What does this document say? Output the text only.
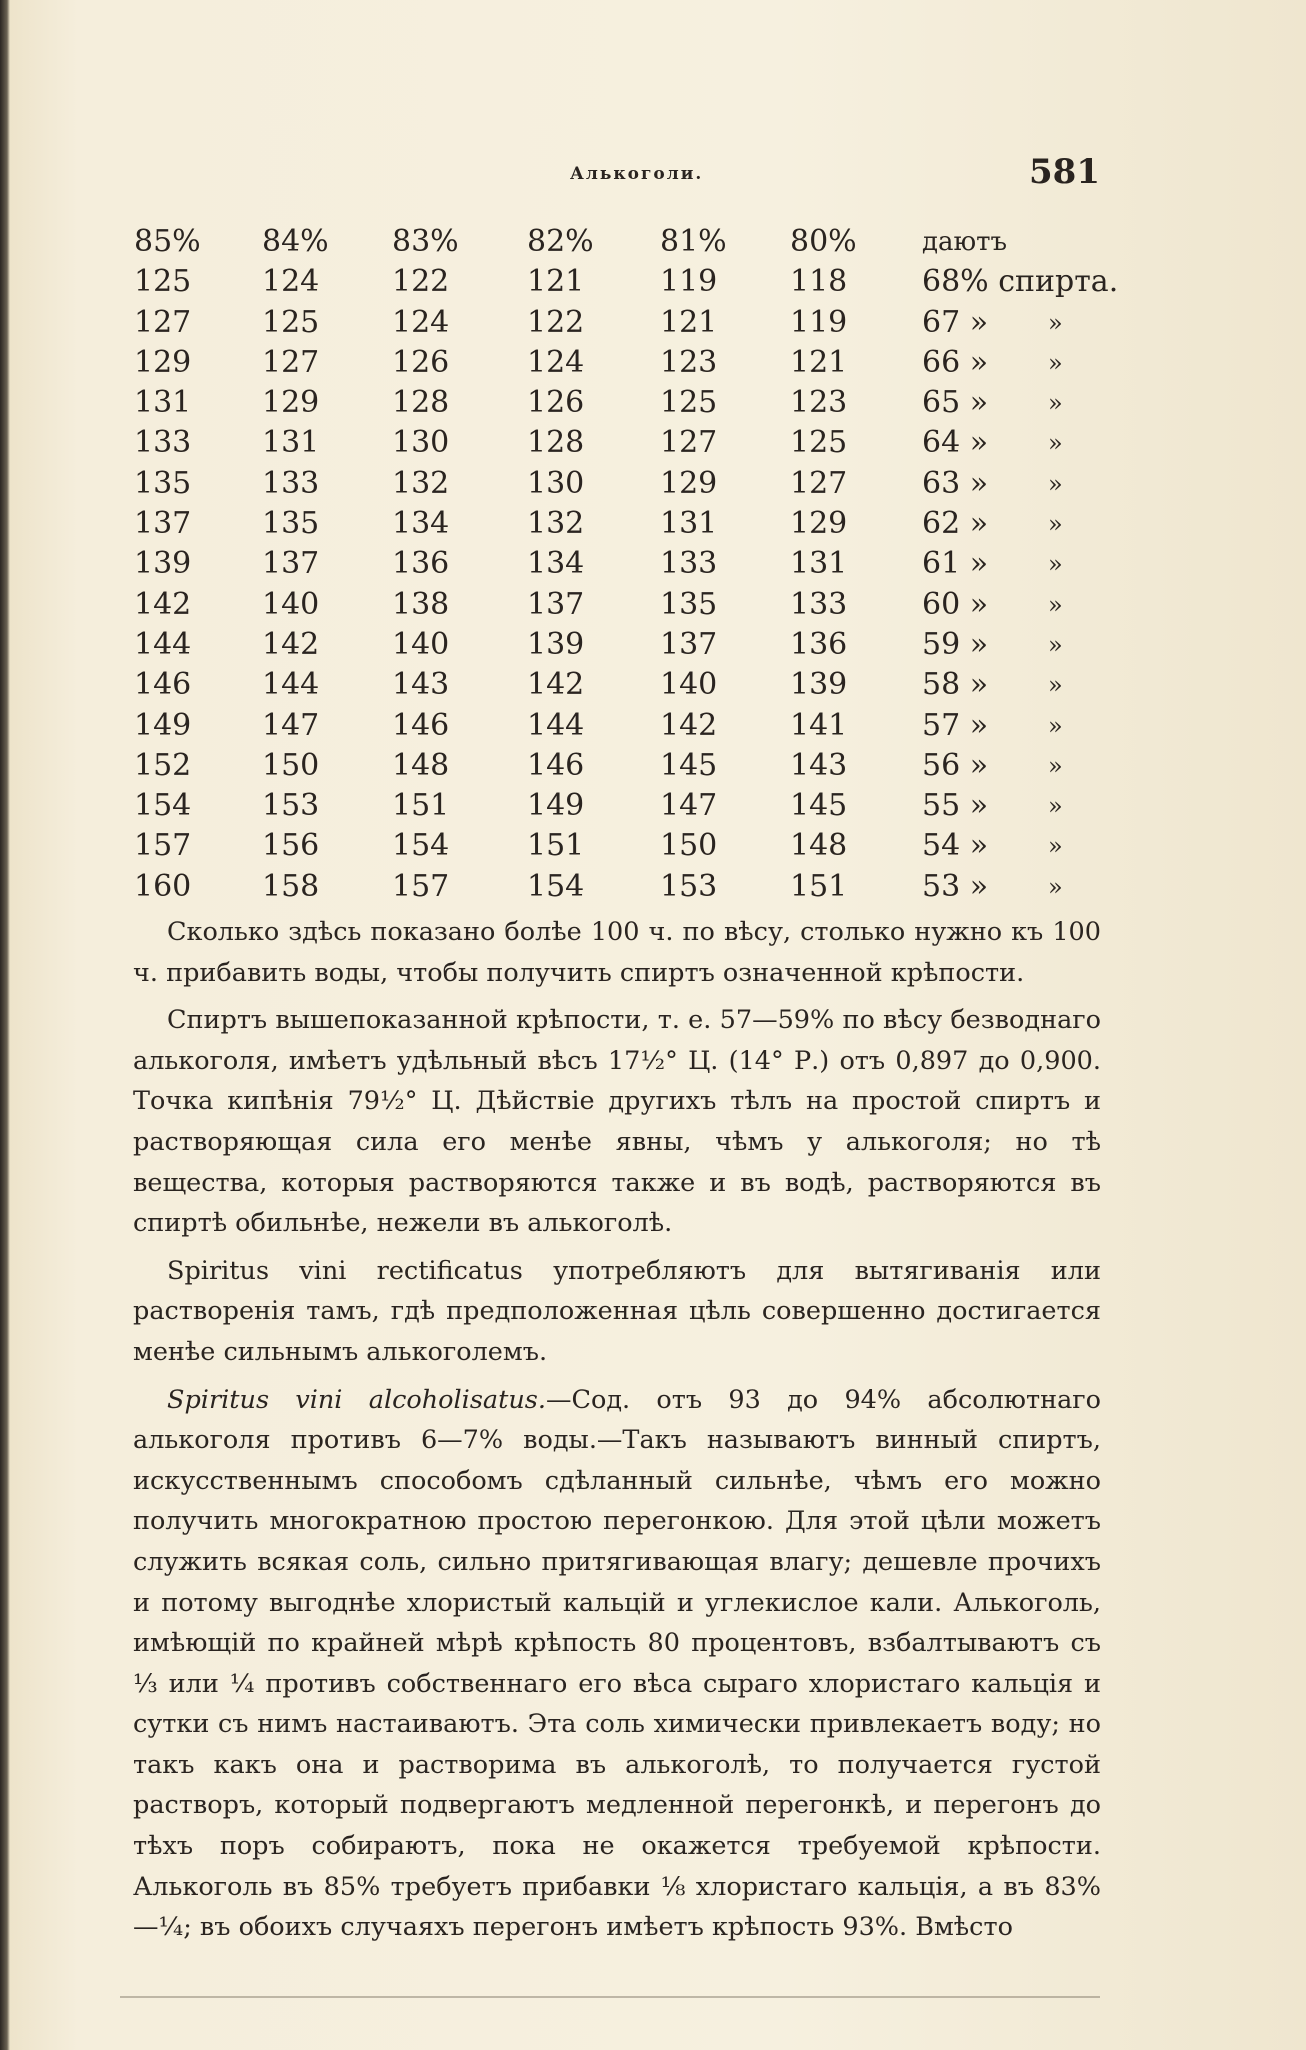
Алькоголи.	581
85% 84% 83% 82% 81% 80%	даютъ
125 124 122	121	119 118 68% спирта.
127 125 124	122	121 119 67 » »
129 127 126	124	123 121 66 » »
131 129 128	126	125 123 65 » »
133 131 130	128	127 125 64 » »
135 133 132	130	129 127 63 » »
137 135 134	132	131 129 62 » »
139 137 136	134	133 131 61 » »
142 140 138	137	135 133 60 » »
144 142 140	139	137 136 59 » »
146 144 143	142	140 139 58 » »
149 147 146	144	142 141 57 » »
152 150 148	146	145 143 56 » »
154 153 151	149	147 145 55 » »
157 156 154	151	150 148 54 » »
160 158 157	154	153 151 53 » »

Сколько здѣсь показано болѣе 100 ч. по вѣсу, столько нужно къ 100 ч. прибавить воды, чтобы получить спиртъ означенной крѣпости.

Спиртъ вышепоказанной крѣпости, т. е. 57—59% по вѣсу безводнаго алькоголя, имѣетъ удѣльный вѣсъ 17½° Ц. (14° Р.) отъ 0,897 до 0,900. Точка кипѣнія 79½° Ц. Дѣйствіе другихъ тѣлъ на простой спиртъ и растворяющая сила его менѣе явны, чѣмъ у алькоголя; но тѣ вещества, которыя растворяются также и въ водѣ, растворяются въ спиртѣ обильнѣе, нежели въ алькоголѣ.

Spiritus vini rectificatus употребляютъ для вытягиванія или растворенія тамъ, гдѣ предположенная цѣль совершенно достигается менѣе сильнымъ алькоголемъ.

Spiritus vini alcoholisatus.—Сод. отъ 93 до 94% абсолютнаго алькоголя противъ 6—7% воды.—Такъ называютъ винный спиртъ, искусственнымъ способомъ сдѣланный сильнѣе, чѣмъ его можно получить многократною простою перегонкою. Для этой цѣли можетъ служить всякая соль, сильно притягивающая влагу; дешевле прочихъ и потому выгоднѣе хлористый кальцій и углекислое кали. Алькоголь, имѣющій по крайней мѣрѣ крѣпость 80 процентовъ, взбалтываютъ съ ⅓ или ¼ противъ собственнаго его вѣса сырагo хлористаго кальція и сутки съ нимъ настаиваютъ. Эта соль химически привлекаетъ воду; но такъ какъ она и растворима въ алькоголѣ, то получается густой растворъ, который подвергаютъ медленной перегонкѣ, и перегонъ до тѣхъ поръ собираютъ, пока не окажется требуемой крѣпости. Алькоголь въ 85% требуетъ прибавки ⅛ хлористаго кальція, а въ 83%—¼; въ обоихъ случаяхъ перегонъ имѣетъ крѣпость 93%. Вмѣсто
